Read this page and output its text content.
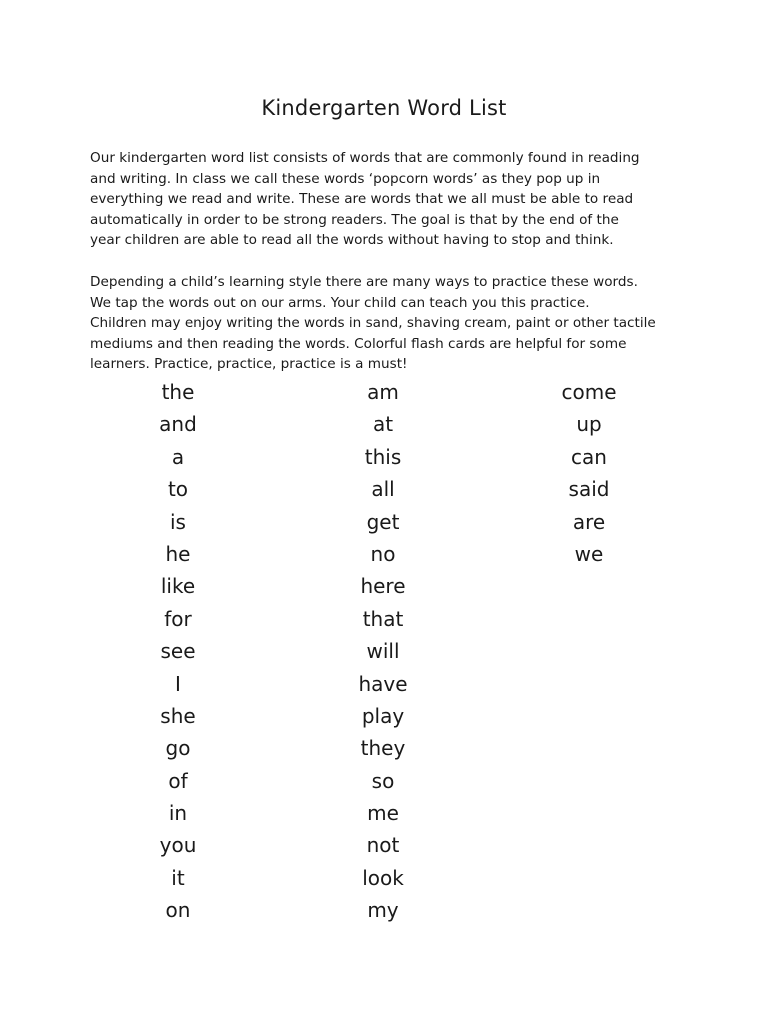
Kindergarten Word List

Our kindergarten word list consists of words that are commonly found in reading
and writing. In class we call these words ‘popcorn words’ as they pop up in
everything we read and write. These are words that we all must be able to read
automatically in order to be strong readers. The goal is that by the end of the
year children are able to read all the words without having to stop and think.

Depending a child’s learning style there are many ways to practice these words.
We tap the words out on our arms. Your child can teach you this practice.
Children may enjoy writing the words in sand, shaving cream, paint or other tactile
mediums and then reading the words. Colorful flash cards are helpful for some
learners. Practice, practice, practice is a must!

the
and
a
to
is
he
like
for
see
I
she
go
of
in
you
it
on
am
at
this
all
get
no
here
that
will
have
play
they
so
me
not
look
my
come
up
can
said
are
we
